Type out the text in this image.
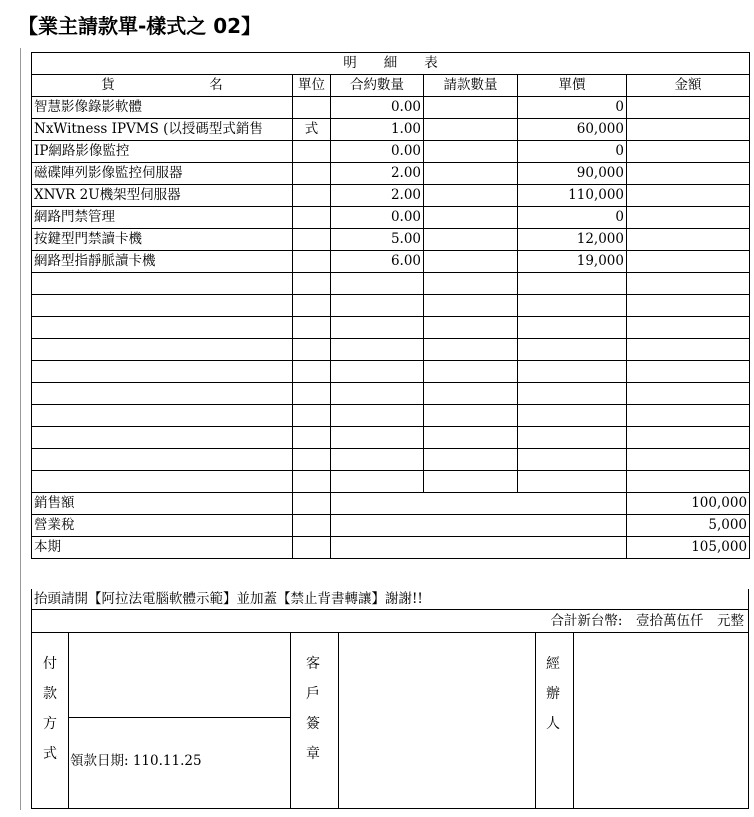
【業主請款單-樣式之 02】
明　　細　　表					
貨　　　　　　　名	單位	合約數量	請款數量	單價	金額
智慧影像錄影軟體		0.00		0	
NxWitness IPVMS (以授碼型式銷售	式	1.00		60,000	
IP網路影像監控		0.00		0	
磁碟陣列影像監控伺服器		2.00		90,000	
XNVR 2U機架型伺服器		2.00		110,000	
網路門禁管理		0.00		0	
按鍵型門禁讀卡機		5.00		12,000	
網路型指靜脈讀卡機		6.00		19,000	

銷售額					100,000
營業稅					5,000
本期					105,000
抬頭請開【阿拉法電腦軟體示範】並加蓋【禁止背書轉讓】謝謝!!
合計新台幣:　壹拾萬伍仟　元整
付
款
方
式
客
戶
簽
章
經
辦
人
領款日期: 110.11.25
